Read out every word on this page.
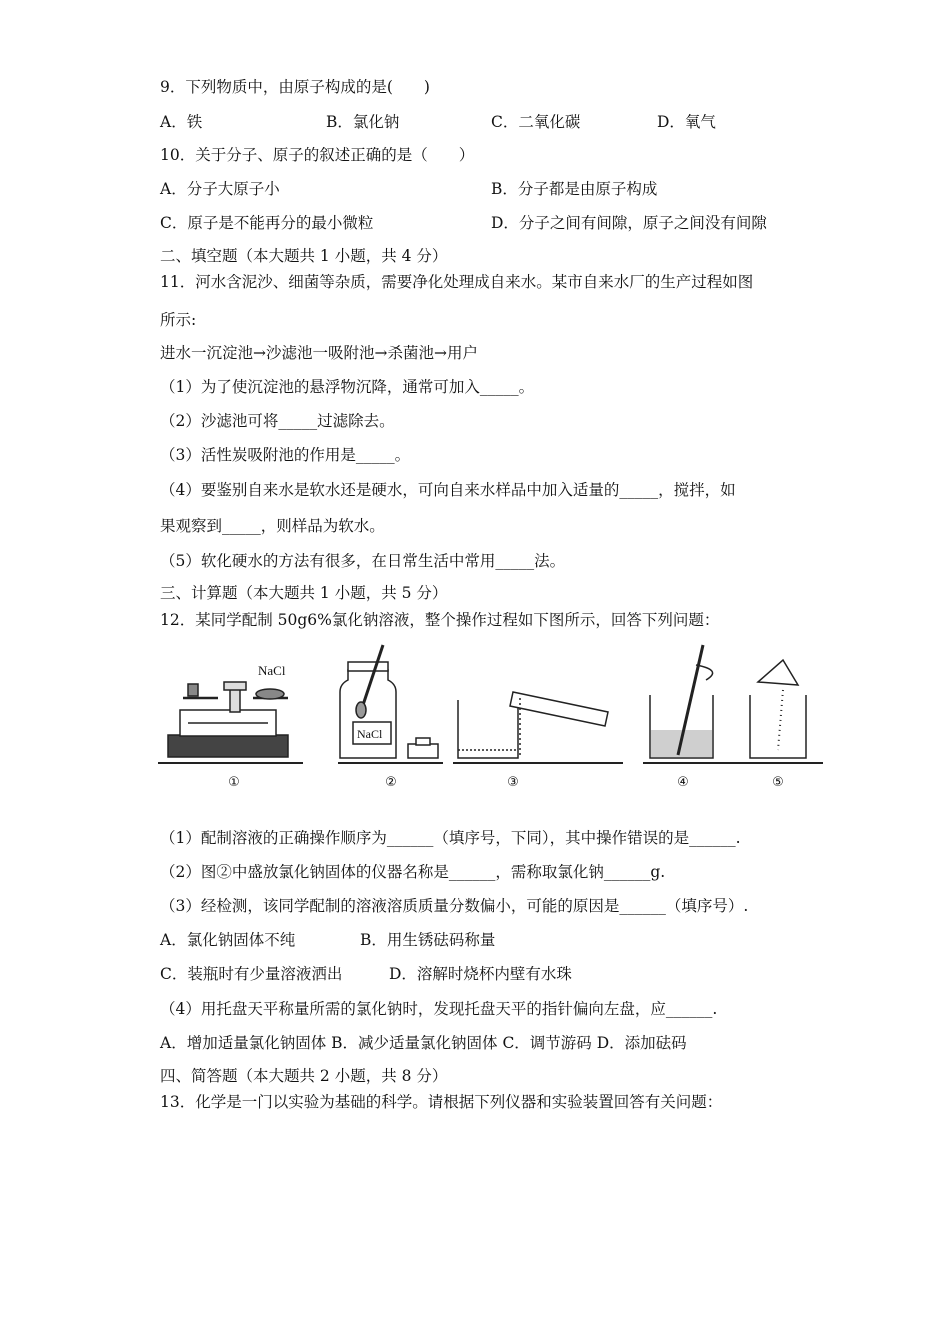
9．下列物质中，由原子构成的是(　　)
A．铁	B．氯化钠	C．二氧化碳	D．氧气
10．关于分子、原子的叙述正确的是（　　）
A．分子大原子小	B．分子都是由原子构成
C．原子是不能再分的最小微粒	D．分子之间有间隙，原子之间没有间隙
二、填空题（本大题共 1 小题，共 4 分）
11．河水含泥沙、细菌等杂质，需要净化处理成自来水。某市自来水厂的生产过程如图
所示:
进水一沉淀池→沙滤池一吸附池→杀菌池→用户
（1）为了使沉淀池的悬浮物沉降，通常可加入_____。
（2）沙滤池可将_____过滤除去。
（3）活性炭吸附池的作用是_____。
（4）要鉴别自来水是软水还是硬水，可向自来水样品中加入适量的_____，搅拌，如
果观察到_____，则样品为软水。
（5）软化硬水的方法有很多，在日常生活中常用_____法。
三、计算题（本大题共 1 小题，共 5 分）
12．某同学配制 50g6%氯化钠溶液，整个操作过程如下图所示，回答下列问题：
NaCl
①
NaCl
②	③	④	⑤
（1）配制溶液的正确操作顺序为______（填序号，下同），其中操作错误的是______.
（2）图②中盛放氯化钠固体的仪器名称是______，需称取氯化钠______g.
（3）经检测，该同学配制的溶液溶质质量分数偏小，可能的原因是______（填序号）.
A．氯化钠固体不纯	B．用生锈砝码称量
C．装瓶时有少量溶液洒出	D．溶解时烧杯内壁有水珠
（4）用托盘天平称量所需的氯化钠时，发现托盘天平的指针偏向左盘，应______.
A．增加适量氯化钠固体 B．减少适量氯化钠固体 C．调节游码 D．添加砝码
四、简答题（本大题共 2 小题，共 8 分）
13．化学是一门以实验为基础的科学。请根据下列仪器和实验装置回答有关问题：
